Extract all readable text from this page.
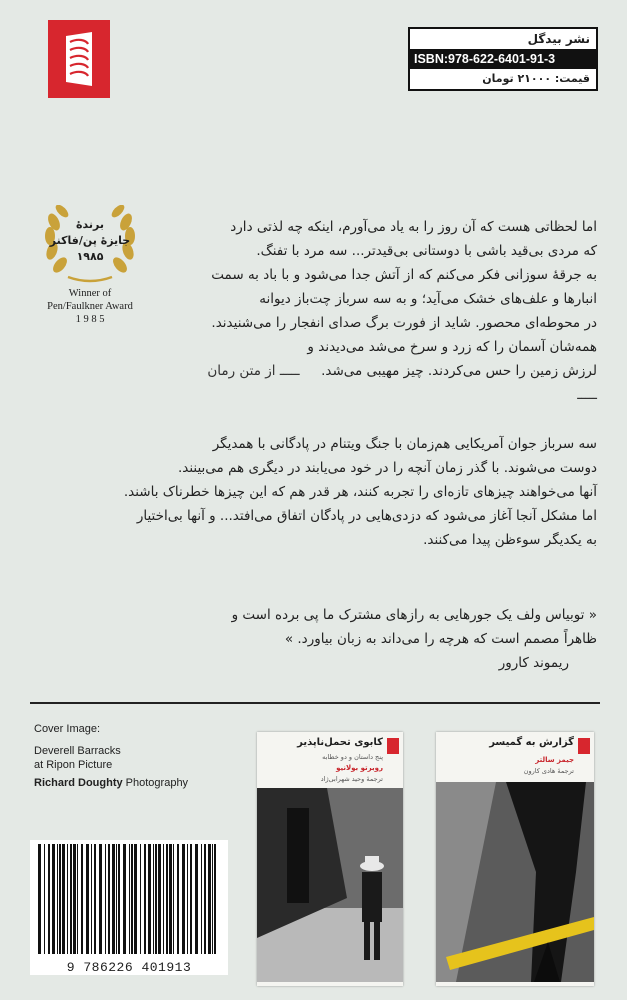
نشر بیدگل
ISBN:978-622-6401-91-3
قیمت: ۲۱۰۰۰ تومان
برندهٔ
جایزهٔ پن/فاکنر
۱۹۸۵
Winner of
Pen/Faulkner Award
1 9 8 5
اما لحظاتی هست که آن روز را به یاد می‌آورم، اینکه چه لذتی دارد
که مردی بی‌قید باشی با دوستانی بی‌قیدتر... سه مرد با تفنگ.
به جرقهٔ سوزانی فکر می‌کنم که از آتش جدا می‌شود و با باد به سمت
انبارها و علف‌های خشک می‌آید؛ و به سه سرباز چت‌باز دیوانه
در محوطه‌ای محصور. شاید از فورت برگ صدای انفجار را می‌شنیدند.
همه‌شان آسمان را که زرد و سرخ می‌شد می‌دیدند و
لرزش زمین را حس می‌کردند. چیز مهیبی می‌شد.     ـــــ از متن رمان ـــــ
سه سرباز جوان آمریکایی هم‌زمان با جنگ ویتنام در پادگانی با همدیگر
دوست می‌شوند. با گذر زمان آنچه را در خود می‌یابند در دیگری هم می‌بینند.
آنها می‌خواهند چیزهای تازه‌ای را تجربه کنند، هر قدر هم که این چیزها خطرناک باشند.
اما مشکل آنجا آغاز می‌شود که دزدی‌هایی در پادگان اتفاق می‌افتد... و آنها بی‌اختیار
به یکدیگر سوءظن پیدا می‌کنند.
« توبیاس ولف یک جورهایی به رازهای مشترک ما پی برده است و
ظاهراً مصمم است که هرچه را می‌داند به زبان بیاورد. »
ریموند کارور
Cover Image:
Deverell Barracks
at Ripon Picture
Richard Doughty Photography
کابوی تحمل‌ناپذیر
پنج داستان و دو خطابه
روبرتو بولانیو
ترجمهٔ وحید شهرابی‌ژاد
گزارش به گمیسر
جیمز سالتر
ترجمهٔ هادی کارون
9 786226 401913
